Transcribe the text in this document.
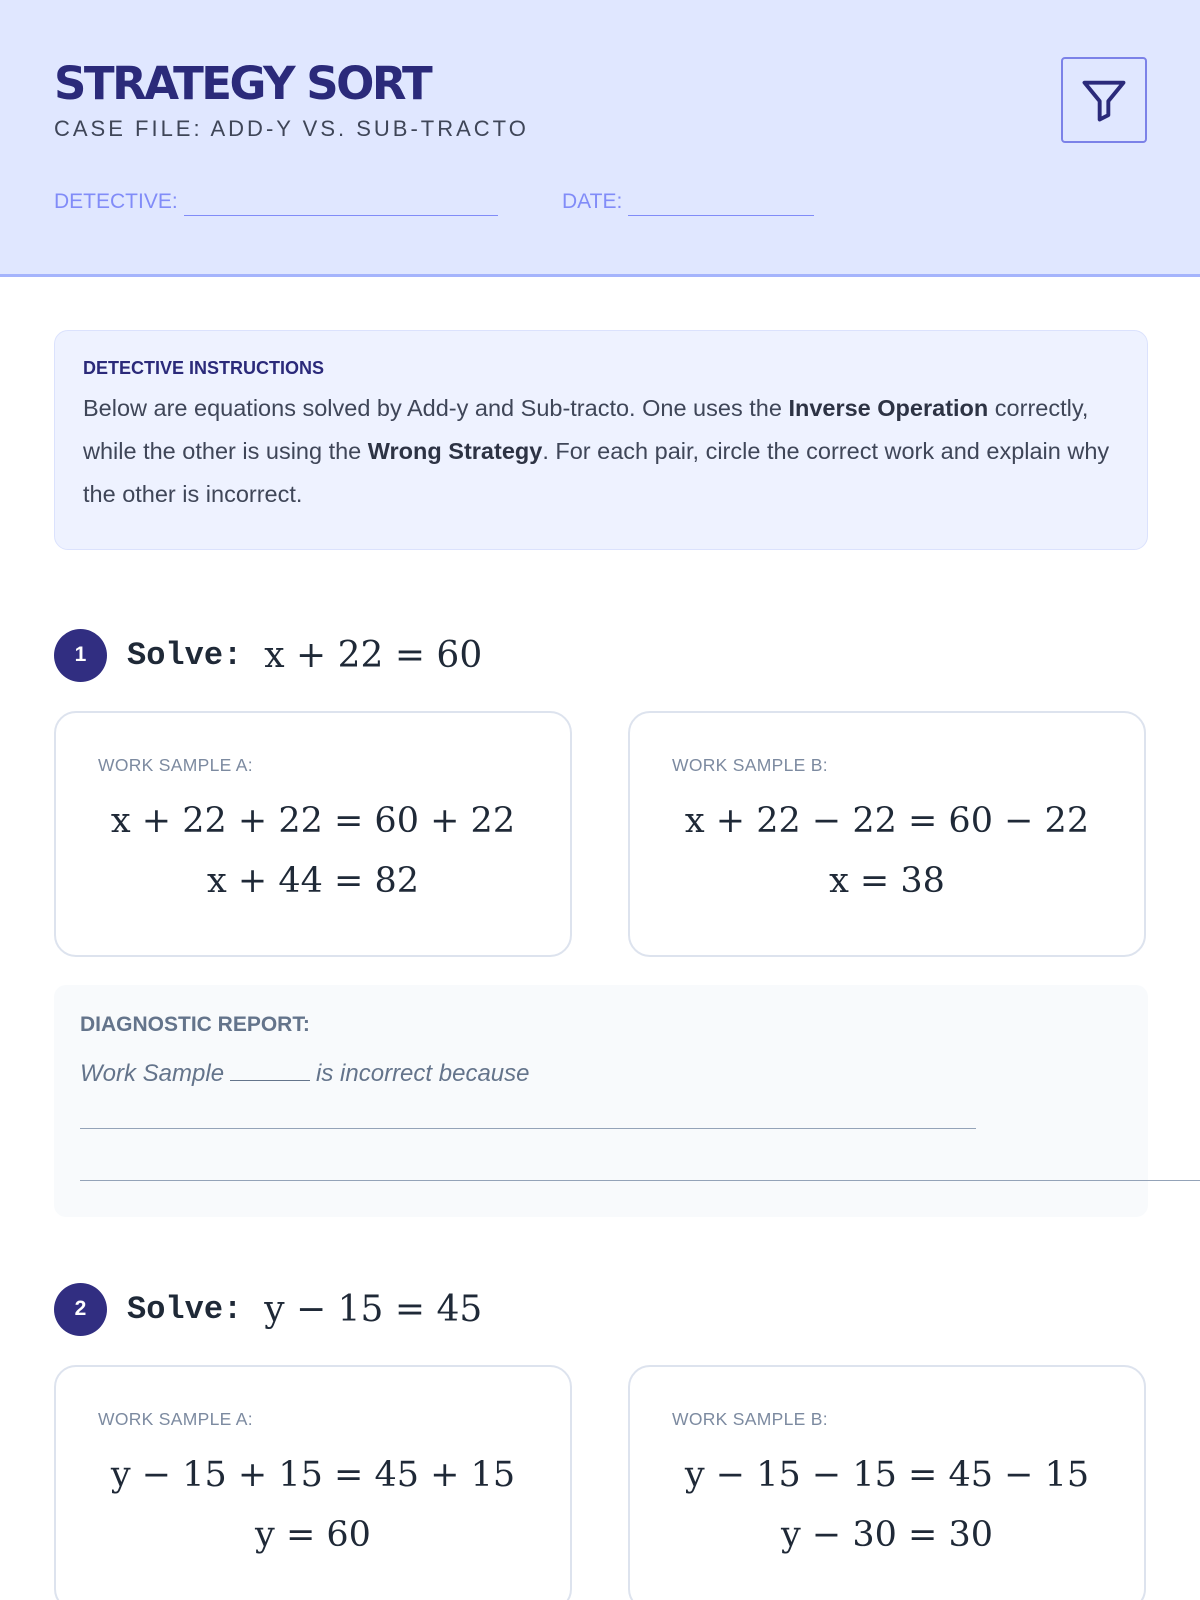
STRATEGY SORT
CASE FILE: ADD-Y VS. SUB-TRACTO
DETECTIVE:	DATE:
DETECTIVE INSTRUCTIONS
Below are equations solved by Add-y and Sub-tracto. One uses the Inverse Operation correctly, while the other is using the Wrong Strategy. For each pair, circle the correct work and explain why the other is incorrect.
1	Solve: x + 22 = 60
WORK SAMPLE A:
x + 22 + 22 = 60 + 22
x + 44 = 82
WORK SAMPLE B:
x + 22 − 22 = 60 − 22
x = 38
DIAGNOSTIC REPORT:
Work Sample	is incorrect because
2	Solve: y − 15 = 45
WORK SAMPLE A:
y − 15 + 15 = 45 + 15
y = 60
WORK SAMPLE B:
y − 15 − 15 = 45 − 15
y − 30 = 30
